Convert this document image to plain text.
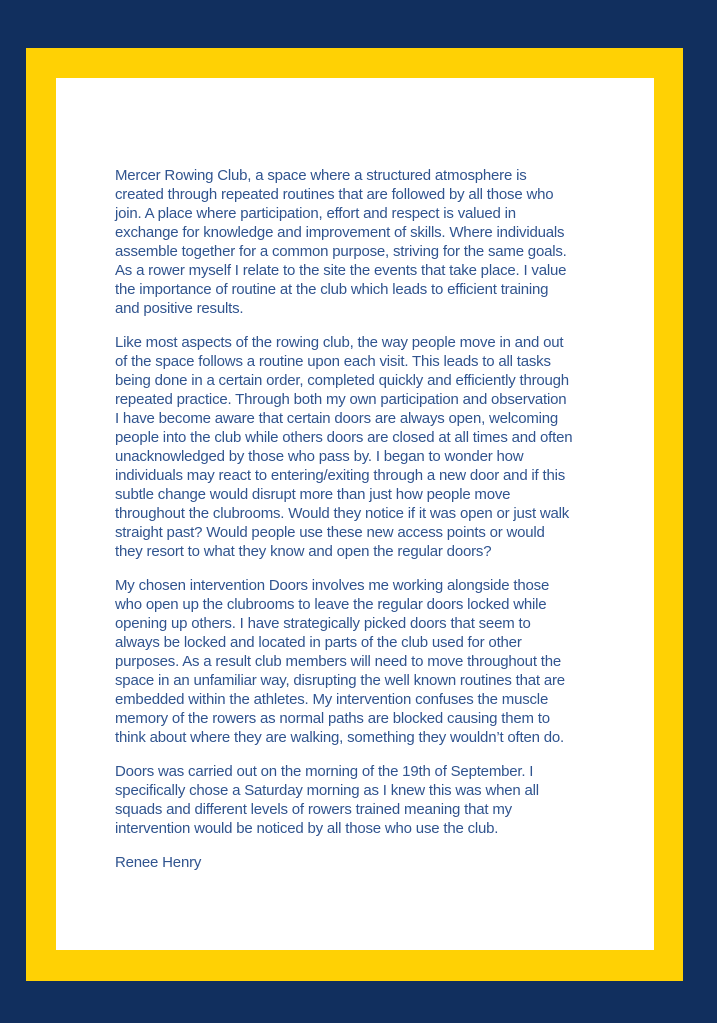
Mercer Rowing Club, a space where a structured atmosphere is
created through repeated routines that are followed by all those who
join. A place where participation, effort and respect is valued in
exchange for knowledge and improvement of skills. Where individuals
assemble together for a common purpose, striving for the same goals.
As a rower myself I relate to the site the events that take place. I value
the importance of routine at the club which leads to efficient training
and positive results.
Like most aspects of the rowing club, the way people move in and out
of the space follows a routine upon each visit. This leads to all tasks
being done in a certain order, completed quickly and efficiently through
repeated practice. Through both my own participation and observation
I have become aware that certain doors are always open, welcoming
people into the club while others doors are closed at all times and often
unacknowledged by those who pass by. I began to wonder how
individuals may react to entering/exiting through a new door and if this
subtle change would disrupt more than just how people move
throughout the clubrooms. Would they notice if it was open or just walk
straight past? Would people use these new access points or would
they resort to what they know and open the regular doors?
My chosen intervention Doors involves me working alongside those
who open up the clubrooms to leave the regular doors locked while
opening up others. I have strategically picked doors that seem to
always be locked and located in parts of the club used for other
purposes. As a result club members will need to move throughout the
space in an unfamiliar way, disrupting the well known routines that are
embedded within the athletes. My intervention confuses the muscle
memory of the rowers as normal paths are blocked causing them to
think about where they are walking, something they wouldn’t often do.
Doors was carried out on the morning of the 19th of September. I
specifically chose a Saturday morning as I knew this was when all
squads and different levels of rowers trained meaning that my
intervention would be noticed by all those who use the club.
Renee Henry
